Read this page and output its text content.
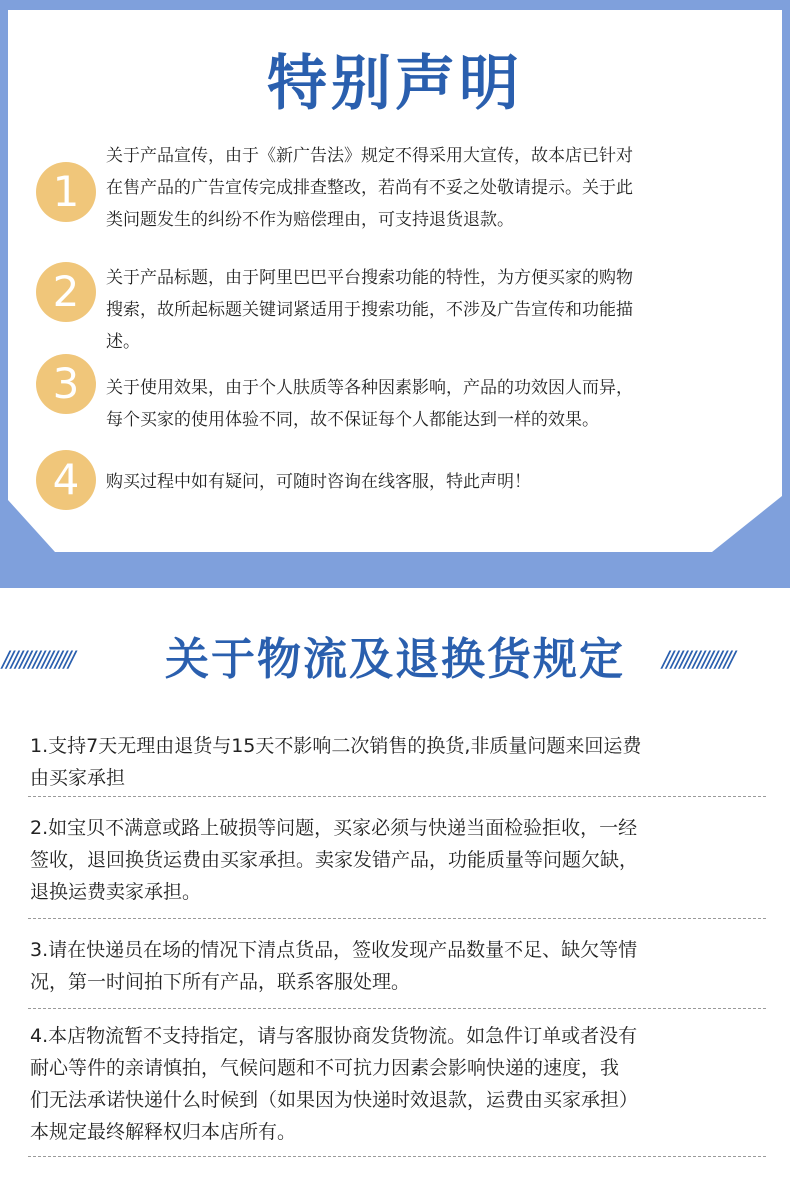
特别声明
1
关于产品宣传，由于《新广告法》规定不得采用大宣传，故本店已针对
在售产品的广告宣传完成排查整改，若尚有不妥之处敬请提示。关于此
类问题发生的纠纷不作为赔偿理由，可支持退货退款。
2	关于产品标题，由于阿里巴巴平台搜索功能的特性，为方便买家的购物
搜索，故所起标题关键词紧适用于搜索功能，不涉及广告宣传和功能描
述。
3	关于使用效果，由于个人肤质等各种因素影响，产品的功效因人而异，
每个买家的使用体验不同，故不保证每个人都能达到一样的效果。
4	购买过程中如有疑问，可随时咨询在线客服，特此声明！
////////////////	关于物流及退换货规定	////////////////
1.支持7天无理由退货与15天不影响二次销售的换货,非质量问题来回运费
由买家承担
2.如宝贝不满意或路上破损等问题，买家必须与快递当面检验拒收，一经
签收，退回换货运费由买家承担。卖家发错产品，功能质量等问题欠缺，
退换运费卖家承担。
3.请在快递员在场的情况下清点货品，签收发现产品数量不足、缺欠等情
况，第一时间拍下所有产品，联系客服处理。
4.本店物流暂不支持指定，请与客服协商发货物流。如急件订单或者没有
耐心等件的亲请慎拍，气候问题和不可抗力因素会影响快递的速度，我
们无法承诺快递什么时候到（如果因为快递时效退款，运费由买家承担）
本规定最终解释权归本店所有。
